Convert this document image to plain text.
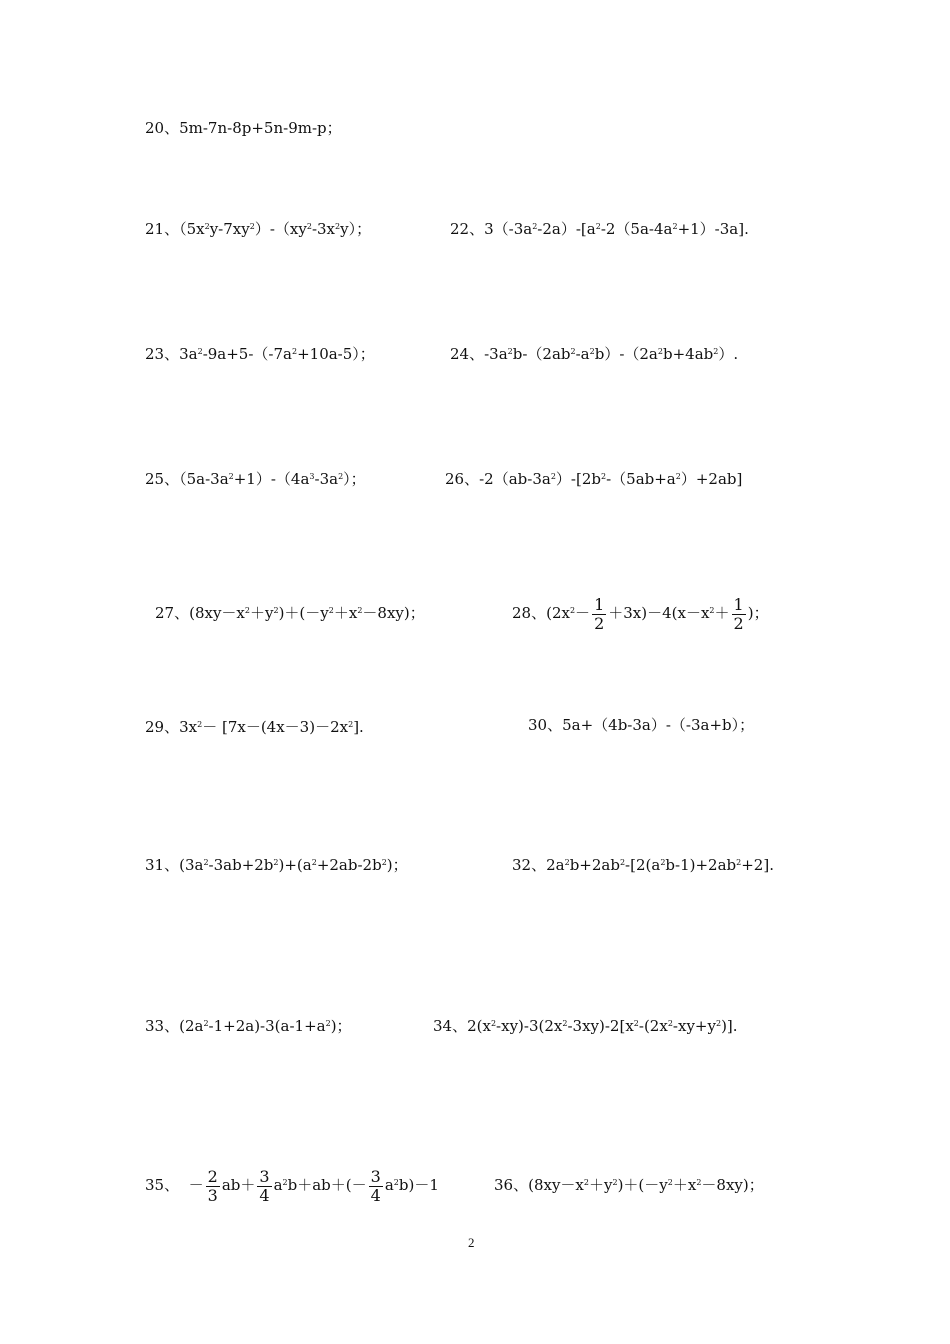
20、5m-7n-8p+5n-9m-p；
21、$(5x^2y-7xy^2)-(xy^2-3x^2y)$；	22、$3(-3a^2-2a)-[a^2-2(5a-4a^2+1)-3a]$.
23、$3a^2-9a+5-(-7a^2+10a-5)$；	24、$-3a^2b-(2ab^2-a^2b)-(2a^2b+4ab^2)$.
25、$(5a-3a^2+1)-(4a^3-3a^2)$；	26、$-2(ab-3a^2)-[2b^2-(5ab+a^2)+2ab]$
27、$(8xy-x^2+y^2)+(-y^2+x^2-8xy)$；	28、$(2x^2- \frac{1}{2} +3x)-4(x-x^2+ \frac{1}{2}$ )；
29、$3x^2- [7x-(4x-3)-2x^2]$.	30、5a+（4b-3a）-（-3a+b）；
31、$(3a^2-3ab+2b^2)+(a^2+2ab-2b^2)$；	32、$2a^2b+2ab^2-[2(a^2b-1)+2ab^2+2]$.
33、$(2a^2-1+2a)-3(a-1+a^2)$；	34、$2(x^2-xy)-3(2x^2-3xy)-2[x^2-(2x^2-xy+y^2)]$.
35、 － $\frac{2}{3} ab+ \frac{3}{4} a^2b+ab+(- \frac{3}{4} a^2b)-1$	36、$(8xy-x^2+y^2)+(-y^2+x^2-8xy)$；
2
